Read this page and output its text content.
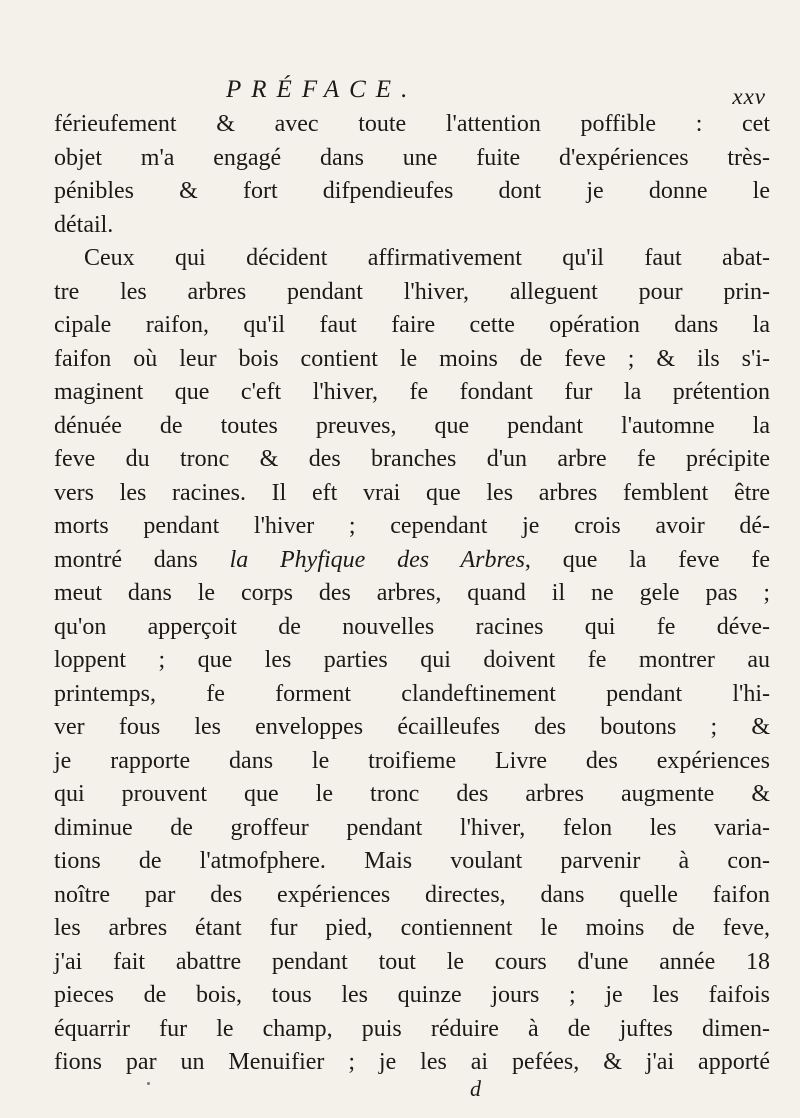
PRÉFACE.	xxv
férieufement & avec toute l'attention poffible : cet
objet m'a engagé dans une fuite d'expériences très-
pénibles & fort difpendieufes dont je donne le
détail.
Ceux qui décident affirmativement qu'il faut abat-
tre les arbres pendant l'hiver, alleguent pour prin-
cipale raifon, qu'il faut faire cette opération dans la
faifon où leur bois contient le moins de feve ; & ils s'i-
maginent que c'eft l'hiver, fe fondant fur la prétention
dénuée de toutes preuves, que pendant l'automne la
feve du tronc & des branches d'un arbre fe précipite
vers les racines. Il eft vrai que les arbres femblent être
morts pendant l'hiver ; cependant je crois avoir dé-
montré dans la Phyfique des Arbres, que la feve fe
meut dans le corps des arbres, quand il ne gele pas ;
qu'on apperçoit de nouvelles racines qui fe déve-
loppent ; que les parties qui doivent fe montrer au
printemps, fe forment clandeftinement pendant l'hi-
ver fous les enveloppes écailleufes des boutons ; &
je rapporte dans le troifieme Livre des expériences
qui prouvent que le tronc des arbres augmente &
diminue de groffeur pendant l'hiver, felon les varia-
tions de l'atmofphere. Mais voulant parvenir à con-
noître par des expériences directes, dans quelle faifon
les arbres étant fur pied, contiennent le moins de feve,
j'ai fait abattre pendant tout le cours d'une année 18
pieces de bois, tous les quinze jours ; je les faifois
équarrir fur le champ, puis réduire à de juftes dimen-
fions par un Menuifier ; je les ai pefées, & j'ai apporté
d
